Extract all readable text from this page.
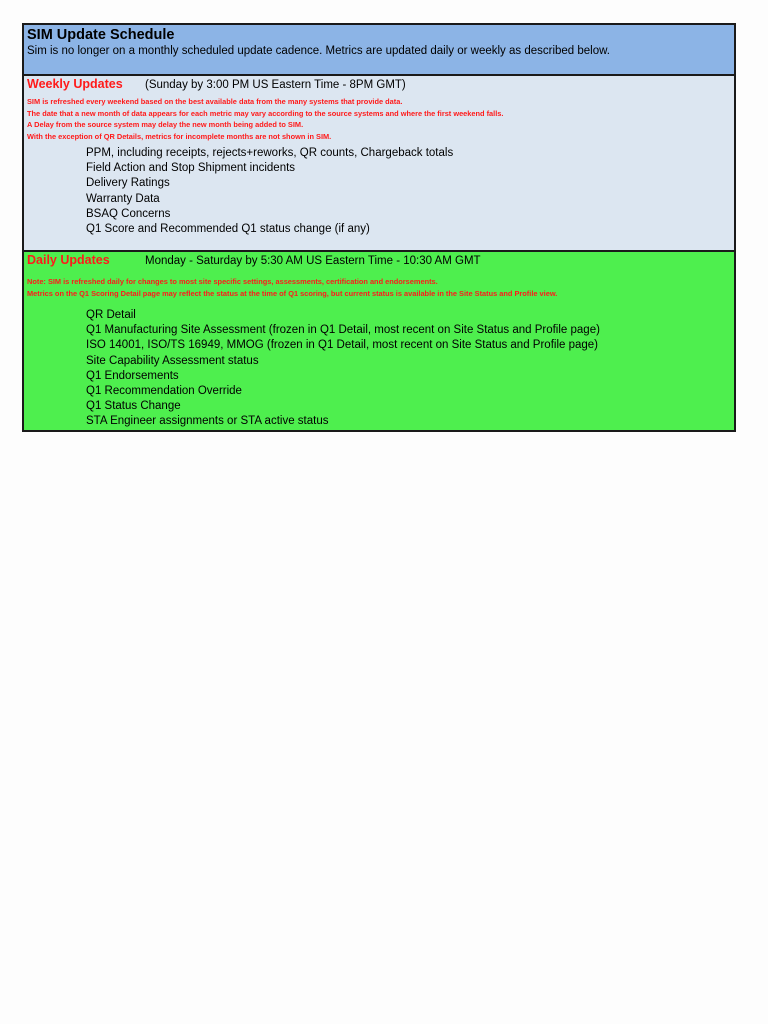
SIM Update Schedule
Sim is no longer on a monthly scheduled update cadence. Metrics are updated daily or weekly as described below.
Weekly Updates (Sunday by 3:00 PM US Eastern Time - 8PM GMT)
SIM is refreshed every weekend based on the best available data from the many systems that provide data.
The date that a new month of data appears for each metric may vary according to the source systems and where the first weekend falls.
A Delay from the source system may delay the new month being added to SIM.
With the exception of QR Details, metrics for incomplete months are not shown in SIM.
PPM, including receipts, rejects+reworks, QR counts, Chargeback totals
Field Action and Stop Shipment incidents
Delivery Ratings
Warranty Data
BSAQ Concerns
Q1 Score and Recommended Q1 status change (if any)
Daily Updates	Monday - Saturday by 5:30 AM US Eastern Time - 10:30 AM GMT
Note: SIM is refreshed daily for changes to most site specific settings, assessments, certification and endorsements.
Metrics on the Q1 Scoring Detail page may reflect the status at the time of Q1 scoring, but current status is available in the Site Status and Profile view.
QR Detail
Q1 Manufacturing Site Assessment (frozen in Q1 Detail, most recent on Site Status and Profile page)
ISO 14001, ISO/TS 16949, MMOG (frozen in Q1 Detail, most recent on Site Status and Profile page)
Site Capability Assessment status
Q1 Endorsements
Q1 Recommendation Override
Q1 Status Change
STA Engineer assignments or STA active status
